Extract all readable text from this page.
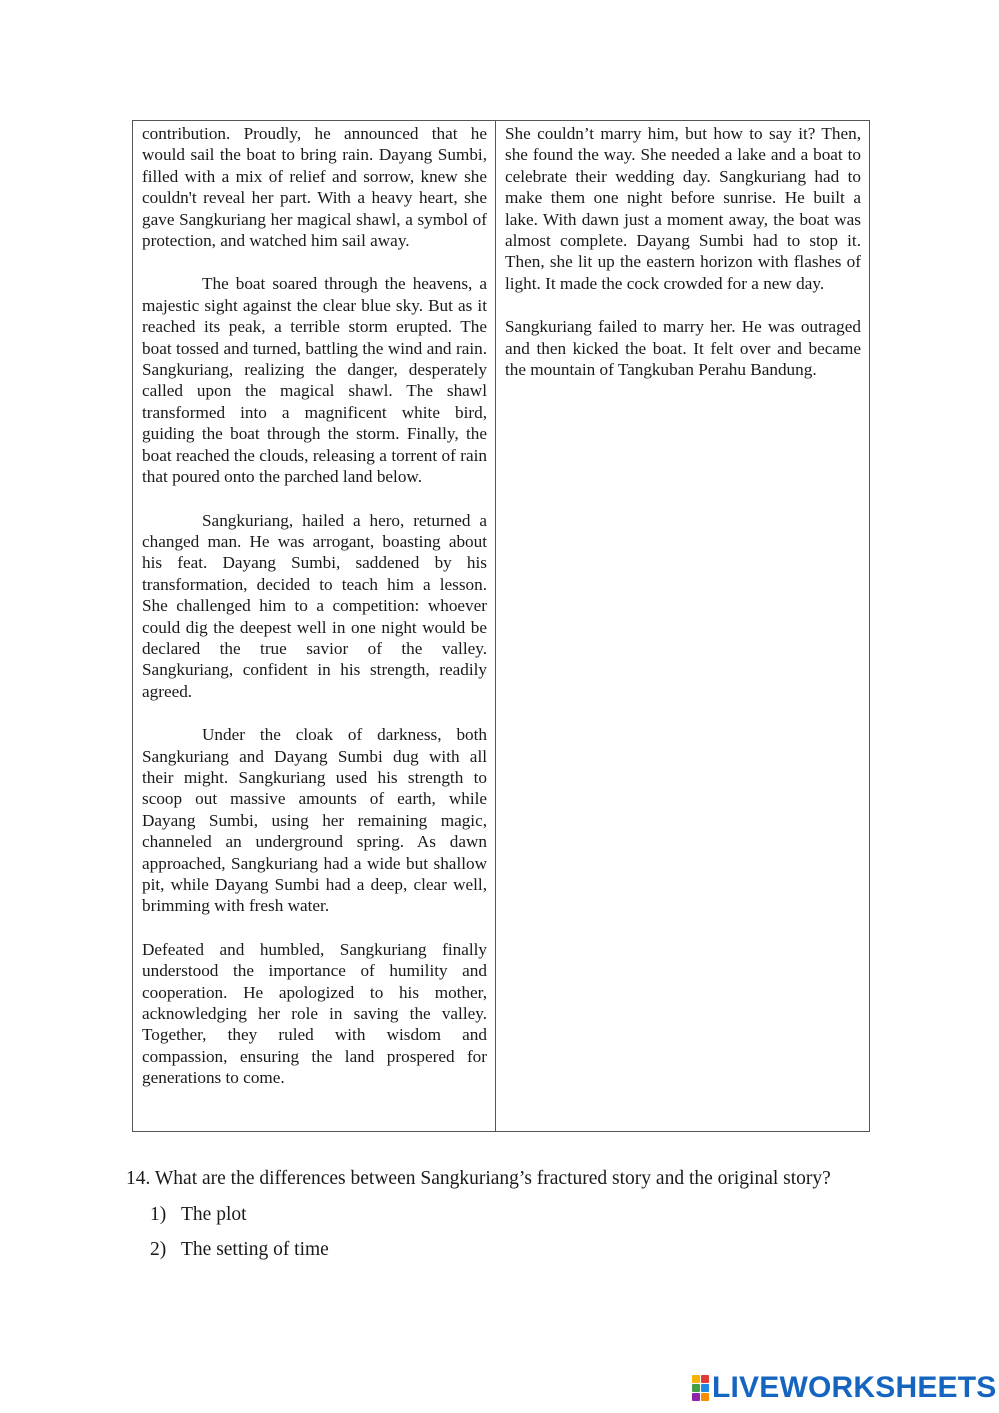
contribution. Proudly, he announced that he would sail the boat to bring rain. Dayang Sumbi, filled with a mix of relief and sorrow, knew she couldn't reveal her part. With a heavy heart, she gave Sangkuriang her magical shawl, a symbol of protection, and watched him sail away.

The boat soared through the heavens, a majestic sight against the clear blue sky. But as it reached its peak, a terrible storm erupted. The boat tossed and turned, battling the wind and rain. Sangkuriang, realizing the danger, desperately called upon the magical shawl. The shawl transformed into a magnificent white bird, guiding the boat through the storm. Finally, the boat reached the clouds, releasing a torrent of rain that poured onto the parched land below.

Sangkuriang, hailed a hero, returned a changed man. He was arrogant, boasting about his feat. Dayang Sumbi, saddened by his transformation, decided to teach him a lesson. She challenged him to a competition: whoever could dig the deepest well in one night would be declared the true savior of the valley. Sangkuriang, confident in his strength, readily agreed.

Under the cloak of darkness, both Sangkuriang and Dayang Sumbi dug with all their might. Sangkuriang used his strength to scoop out massive amounts of earth, while Dayang Sumbi, using her remaining magic, channeled an underground spring. As dawn approached, Sangkuriang had a wide but shallow pit, while Dayang Sumbi had a deep, clear well, brimming with fresh water.

Defeated and humbled, Sangkuriang finally understood the importance of humility and cooperation. He apologized to his mother, acknowledging her role in saving the valley. Together, they ruled with wisdom and compassion, ensuring the land prospered for generations to come.

She couldn’t marry him, but how to say it? Then, she found the way. She needed a lake and a boat to celebrate their wedding day. Sangkuriang had to make them one night before sunrise. He built a lake. With dawn just a moment away, the boat was almost complete. Dayang Sumbi had to stop it. Then, she lit up the eastern horizon with flashes of light. It made the cock crowded for a new day.

Sangkuriang failed to marry her. He was outraged and then kicked the boat. It felt over and became the mountain of Tangkuban Perahu Bandung.

14. What are the differences between Sangkuriang’s fractured story and the original story?

1) The plot
2) The setting of time
LIVEWORKSHEETS
